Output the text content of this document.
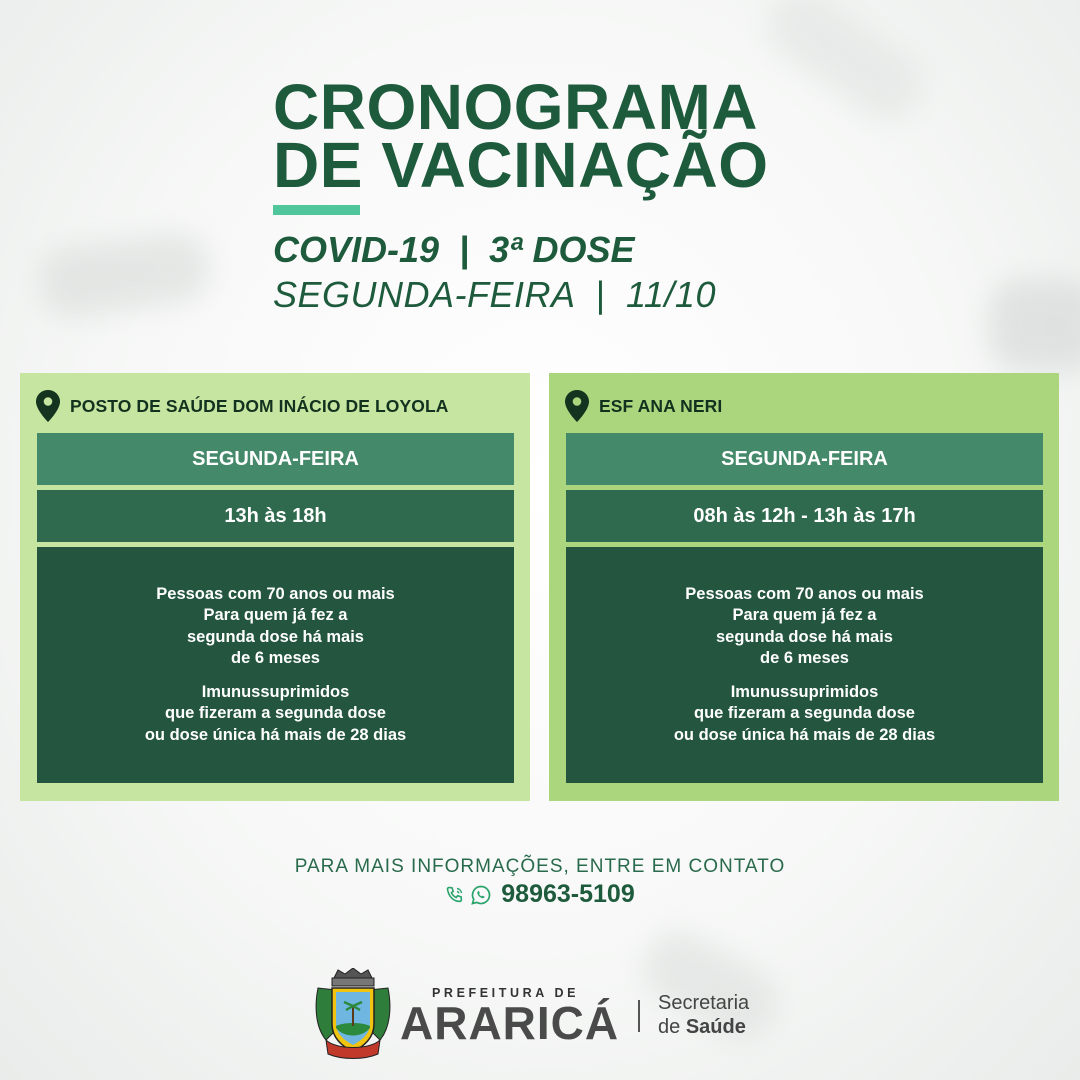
CRONOGRAMA
DE VACINAÇÃO

COVID-19  |  3ª DOSE

SEGUNDA-FEIRA  |  11/10

POSTO DE SAÚDE DOM INÁCIO DE LOYOLA
SEGUNDA-FEIRA
13h às 18h

Pessoas com 70 anos ou mais
Para quem já fez a
segunda dose há mais
de 6 meses

Imunussuprimidos
que fizeram a segunda dose
ou dose única há mais de 28 dias

ESF ANA NERI
SEGUNDA-FEIRA
08h às 12h - 13h às 17h

Pessoas com 70 anos ou mais
Para quem já fez a
segunda dose há mais
de 6 meses

Imunussuprimidos
que fizeram a segunda dose
ou dose única há mais de 28 dias

PARA MAIS INFORMAÇÕES, ENTRE EM CONTATO

98963-5109

PREFEITURA DE

ARARICÁ Secretaria

de Saúde
